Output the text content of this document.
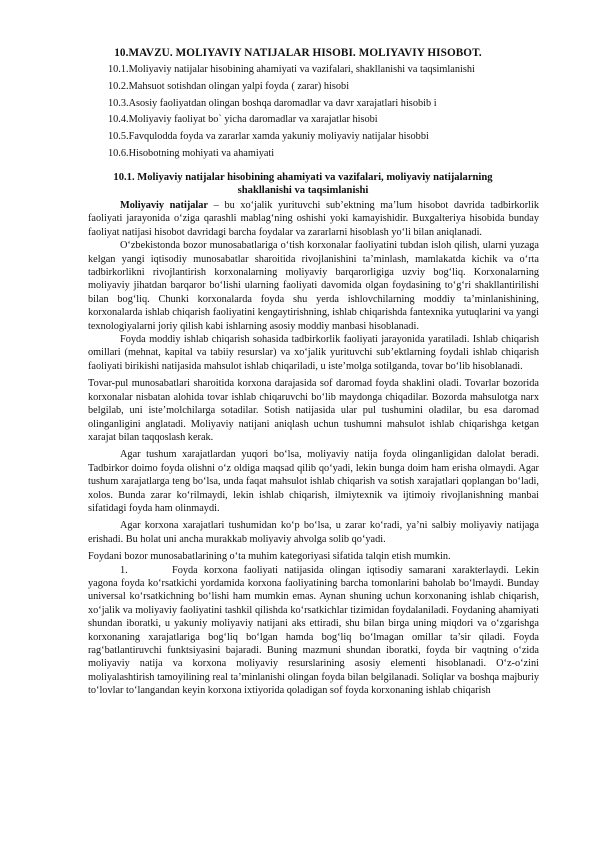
10.MAVZU. MOLIYAVIY NATIJALAR HISOBI. MOLIYAVIY HISOBOT.
10.1.Moliyaviy natijalar hisobining ahamiyati va vazifalari, shakllanishi va taqsimlanishi
10.2.Mahsuot sotishdan olingan yalpi foyda ( zarar) hisobi
10.3.Asosiy faoliyatdan olingan boshqa daromadlar va davr xarajatlari hisobib i
10.4.Moliyaviy faoliyat bo` yicha daromadlar va xarajatlar hisobi
10.5.Favqulodda foyda va zararlar xamda yakuniy moliyaviy natijalar hisobbi
10.6.Hisobotning mohiyati va ahamiyati
10.1. Moliyaviy natijalar hisobining ahamiyati va vazifalari, moliyaviy natijalarning
shakllanishi va taqsimlanishi

Moliyaviy natijalar – bu xo‘jalik yurituvchi sub’ektning ma’lum hisobot davrida tadbirkorlik faoliyati jarayonida o‘ziga qarashli mablag‘ning oshishi yoki kamayishidir. Buxgalteriya hisobida bunday faoliyat natijasi hisobot davridagi barcha foydalar va zararlarni hisoblash yo‘li bilan aniqlanadi.

O‘zbekistonda bozor munosabatlariga o‘tish korxonalar faoliyatini tubdan isloh qilish, ularni yuzaga kelgan yangi iqtisodiy munosabatlar sharoitida rivojlanishini ta’minlash, mamlakatda kichik va o‘rta tadbirkorlikni rivojlantirish korxonalarning moliyaviy barqarorligiga uzviy bog‘liq. Korxonalarning moliyaviy jihatdan barqaror bo‘lishi ularning faoliyati davomida olgan foydasining to‘g‘ri shakllantirilishi bilan bog‘liq. Chunki korxonalarda foyda shu yerda ishlovchilarning moddiy ta’minlanishining, korxonalarda ishlab chiqarish faoliyatini kengaytirishning, ishlab chiqarishda fantexnika yutuqlarini va yangi texnologiyalarni joriy qilish kabi ishlarning asosiy moddiy manbasi hisoblanadi.

Foyda moddiy ishlab chiqarish sohasida tadbirkorlik faoliyati jarayonida yaratiladi. Ishlab chiqarish omillari (mehnat, kapital va tabiiy resurslar) va xo‘jalik yurituvchi sub’ektlarning foydali ishlab chiqarish faoliyati birikishi natijasida mahsulot ishlab chiqariladi, u iste’molga sotilganda, tovar bo‘lib hisoblanadi.

Tovar-pul munosabatlari sharoitida korxona darajasida sof daromad foyda shaklini oladi. Tovarlar bozorida korxonalar nisbatan alohida tovar ishlab chiqaruvchi bo‘lib maydonga chiqadilar. Bozorda mahsulotga narx belgilab, uni iste’molchilarga sotadilar. Sotish natijasida ular pul tushumini oladilar, bu esa daromad olinganligini anglatadi. Moliyaviy natijani aniqlash uchun tushumni mahsulot ishlab chiqarishga ketgan xarajat bilan taqqoslash kerak.

Agar tushum xarajatlardan yuqori bo‘lsa, moliyaviy natija foyda olinganligidan dalolat beradi. Tadbirkor doimo foyda olishni o‘z oldiga maqsad qilib qo‘yadi, lekin bunga doim ham erisha olmaydi. Agar tushum xarajatlarga teng bo‘lsa, unda faqat mahsulot ishlab chiqarish va sotish xarajatlari qoplangan bo‘ladi, xolos. Bunda zarar ko‘rilmaydi, lekin ishlab chiqarish, ilmiytexnik va ijtimoiy rivojlanishning manbai sifatidagi foyda ham olinmaydi.

Agar korxona xarajatlari tushumidan ko‘p bo‘lsa, u zarar ko‘radi, ya’ni salbiy moliyaviy natijaga erishadi. Bu holat uni ancha murakkab moliyaviy ahvolga solib qo‘yadi.

Foydani bozor munosabatlarining o‘ta muhim kategoriyasi sifatida talqin etish mumkin.

1.	Foyda korxona faoliyati natijasida olingan iqtisodiy samarani xarakterlaydi. Lekin yagona foyda ko‘rsatkichi yordamida korxona faoliyatining barcha tomonlarini baholab bo‘lmaydi. Bunday universal ko‘rsatkichning bo‘lishi ham mumkin emas. Aynan shuning uchun korxonaning ishlab chiqarish, xo‘jalik va moliyaviy faoliyatini tashkil qilishda ko‘rsatkichlar tizimidan foydalaniladi. Foydaning ahamiyati shundan iboratki, u yakuniy moliyaviy natijani aks ettiradi, shu bilan birga uning miqdori va o‘zgarishga korxonaning xarajatlariga bog‘liq bo‘lgan hamda bog‘liq bo‘lmagan omillar ta’sir qiladi. Foyda rag‘batlantiruvchi funktsiyasini bajaradi. Buning mazmuni shundan iboratki, foyda bir vaqtning o‘zida moliyaviy natija va korxona moliyaviy resurslarining asosiy elementi hisoblanadi. O‘z-o‘zini moliyalashtirish tamoyilining real ta’minlanishi olingan foyda bilan belgilanadi. Soliqlar va boshqa majburiy to‘lovlar to‘langandan keyin korxona ixtiyorida qoladigan sof foyda korxonaning ishlab chiqarish
